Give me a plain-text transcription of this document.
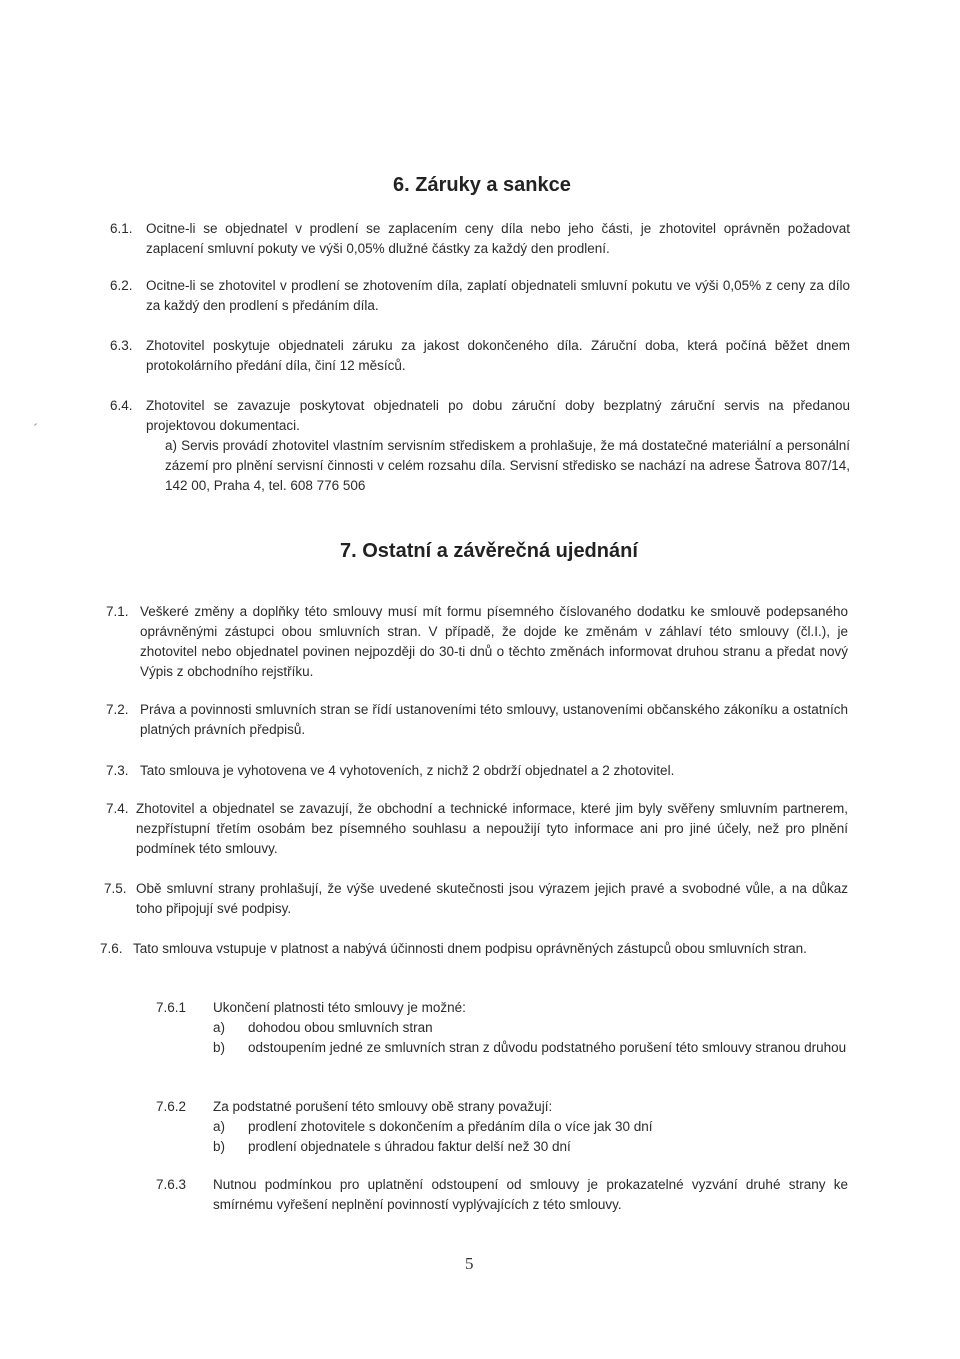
6. Záruky a sankce
6.1. Ocitne-li se objednatel v prodlení se zaplacením ceny díla nebo jeho části, je zhotovitel oprávněn požadovat zaplacení smluvní pokuty ve výši 0,05% dlužné částky za každý den prodlení.
6.2. Ocitne-li se zhotovitel v prodlení se zhotovením díla, zaplatí objednateli smluvní pokutu ve výši 0,05% z ceny za dílo za každý den prodlení s předáním díla.
6.3. Zhotovitel poskytuje objednateli záruku za jakost dokončeného díla. Záruční doba, která počíná běžet dnem protokolárního předání díla, činí 12 měsíců.
6.4. Zhotovitel se zavazuje poskytovat objednateli po dobu záruční doby bezplatný záruční servis na předanou projektovou dokumentaci.
a) Servis provádí zhotovitel vlastním servisním střediskem a prohlašuje, že má dostatečné materiální a personální zázemí pro plnění servisní činnosti v celém rozsahu díla. Servisní středisko se nachází na adrese Šatrova 807/14, 142 00, Praha 4, tel. 608 776 506
7. Ostatní a závěrečná ujednání
7.1. Veškeré změny a doplňky této smlouvy musí mít formu písemného číslovaného dodatku ke smlouvě podepsaného oprávněnými zástupci obou smluvních stran. V případě, že dojde ke změnám v záhlaví této smlouvy (čl.I.), je zhotovitel nebo objednatel povinen nejpozději do 30-ti dnů o těchto změnách informovat druhou stranu a předat nový Výpis z obchodního rejstříku.
7.2. Práva a povinnosti smluvních stran se řídí ustanoveními této smlouvy, ustanoveními občanského zákoníku a ostatních platných právních předpisů.
7.3. Tato smlouva je vyhotovena ve 4 vyhotoveních, z nichž 2 obdrží objednatel a 2 zhotovitel.
7.4. Zhotovitel a objednatel se zavazují, že obchodní a technické informace, které jim byly svěřeny smluvním partnerem, nezpřístupní třetím osobám bez písemného souhlasu a nepoužijí tyto informace ani pro jiné účely, než pro plnění podmínek této smlouvy.
7.5. Obě smluvní strany prohlašují, že výše uvedené skutečnosti jsou výrazem jejich pravé a svobodné vůle, a na důkaz toho připojují své podpisy.
7.6. Tato smlouva vstupuje v platnost a nabývá účinnosti dnem podpisu oprávněných zástupců obou smluvních stran.
7.6.1 Ukončení platnosti této smlouvy je možné:
a) dohodou obou smluvních stran
b) odstoupením jedné ze smluvních stran z důvodu podstatného porušení této smlouvy stranou druhou
7.6.2 Za podstatné porušení této smlouvy obě strany považují:
a) prodlení zhotovitele s dokončením a předáním díla o více jak 30 dní
b) prodlení objednatele s úhradou faktur delší než 30 dní
7.6.3 Nutnou podmínkou pro uplatnění odstoupení od smlouvy je prokazatelné vyzvání druhé strany ke smírnému vyřešení neplnění povinností vyplývajících z této smlouvy.
5
